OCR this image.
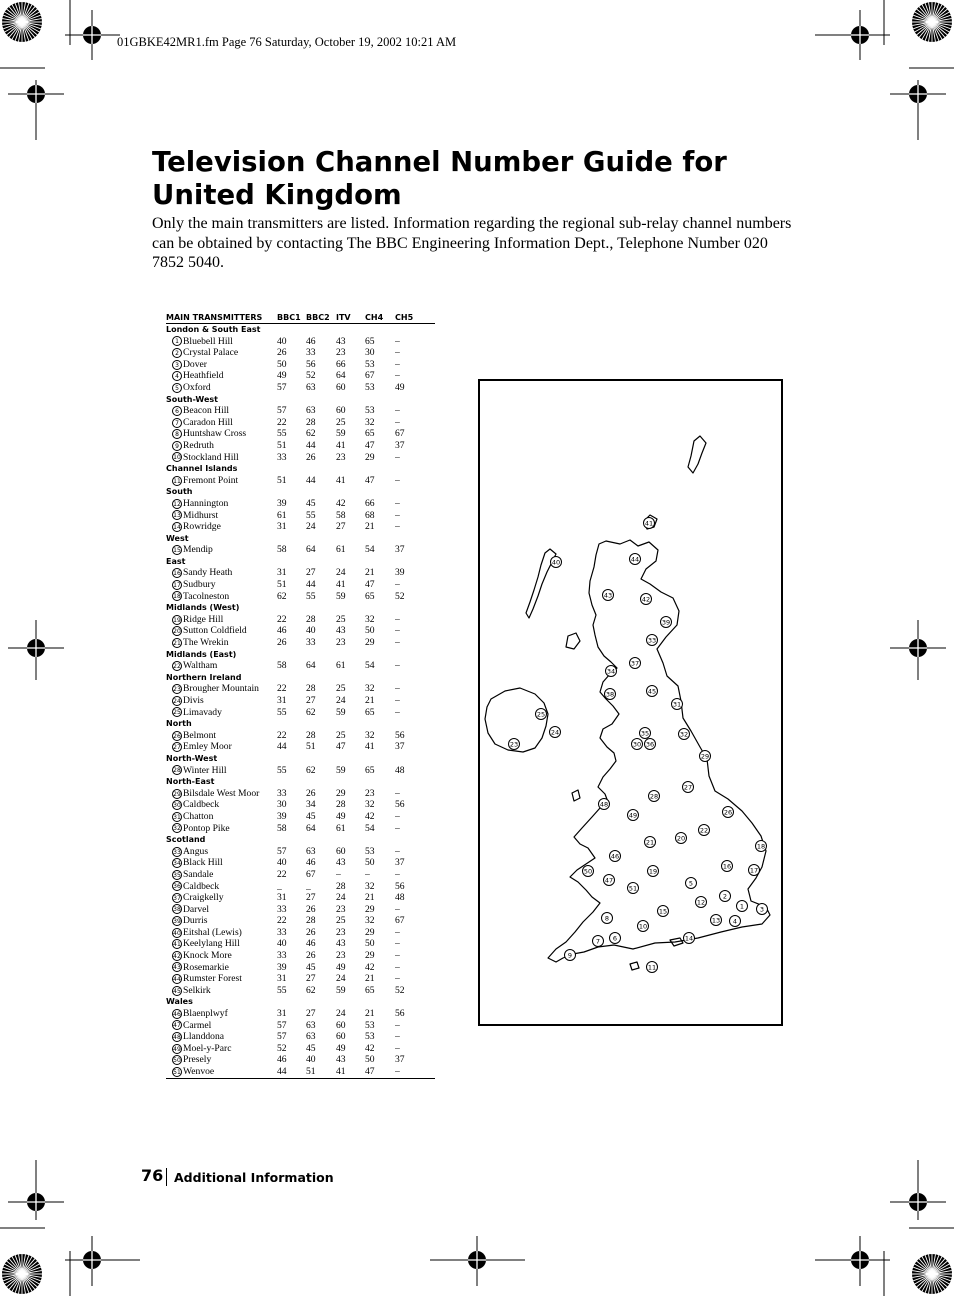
01GBKE42MR1.fm Page 76 Saturday, October 19, 2002 10:21 AM
Television Channel Number Guide for United Kingdom

Only the main transmitters are listed. Information regarding the regional sub-relay channel numbers can be obtained by contacting The BBC Engineering Information Dept., Telephone Number 020 7852 5040.

MAIN TRANSMITTERS	BBC1	BBC2	ITV	CH4	CH5
London & South East					
1 Bluebell Hill	40	46	43	65	–
2 Crystal Palace	26	33	23	30	–
3 Dover	50	56	66	53	–
4 Heathfield	49	52	64	67	–
5 Oxford	57	63	60	53	49
South-West					
6 Beacon Hill	57	63	60	53	–
7 Caradon Hill	22	28	25	32	–
8 Huntshaw Cross	55	62	59	65	67
9 Redruth	51	44	41	47	37
10 Stockland Hill	33	26	23	29	–
Channel Islands					
11 Fremont Point	51	44	41	47	–
South					
12 Hannington	39	45	42	66	–
13 Midhurst	61	55	58	68	–
14 Rowridge	31	24	27	21	–
West					
15 Mendip	58	64	61	54	37
East					
16 Sandy Heath	31	27	24	21	39
17 Sudbury	51	44	41	47	–
18 Tacolneston	62	55	59	65	52
Midlands (West)					
19 Ridge Hill	22	28	25	32	–
20 Sutton Coldfield	46	40	43	50	–
21 The Wrekin	26	33	23	29	–
Midlands (East)					
22 Waltham	58	64	61	54	–
Northern Ireland					
23 Brougher Mountain	22	28	25	32	–
24 Divis	31	27	24	21	–
25 Limavady	55	62	59	65	–
North					
26 Belmont	22	28	25	32	56
27 Emley Moor	44	51	47	41	37
North-West					
28 Winter Hill	55	62	59	65	48
North-East					
29 Bilsdale West Moor	33	26	29	23	–
30 Caldbeck	30	34	28	32	56
31 Chatton	39	45	49	42	–
32 Pontop Pike	58	64	61	54	–
Scotland					
33 Angus	57	63	60	53	–
34 Black Hill	40	46	43	50	37
35 Sandale	22	67	–	–	–
36 Caldbeck	_	_	28	32	56
37 Craigkelly	31	27	24	21	48
38 Darvel	33	26	23	29	–
39 Durris	22	28	25	32	67
40 Eitshal (Lewis)	33	26	23	29	–
41 Keelylang Hill	40	46	43	50	–
42 Knock More	33	26	23	29	–
43 Rosemarkie	39	45	49	42	–
44 Rumster Forest	31	27	24	21	–
45 Selkirk	55	62	59	65	52
Wales					
46 Blaenplwyf	31	27	24	21	56
47 Carmel	57	63	60	53	–
48 Llanddona	57	63	60	53	–
49 Moel-y-Parc	52	45	49	42	–
50 Presely	46	40	43	50	37
51 Wenvoe	44	51	41	47	–
1
2
3
4
5
6
7
8
9
10
11
12
13
14
15
16	17
18
19
20
21
22
23
24
25
26
27
28
29
30
31
32
33
34
35
36
37
38
39
40
41
42
43
44
45
46
47
48
49
50
51
76 Additional Information
